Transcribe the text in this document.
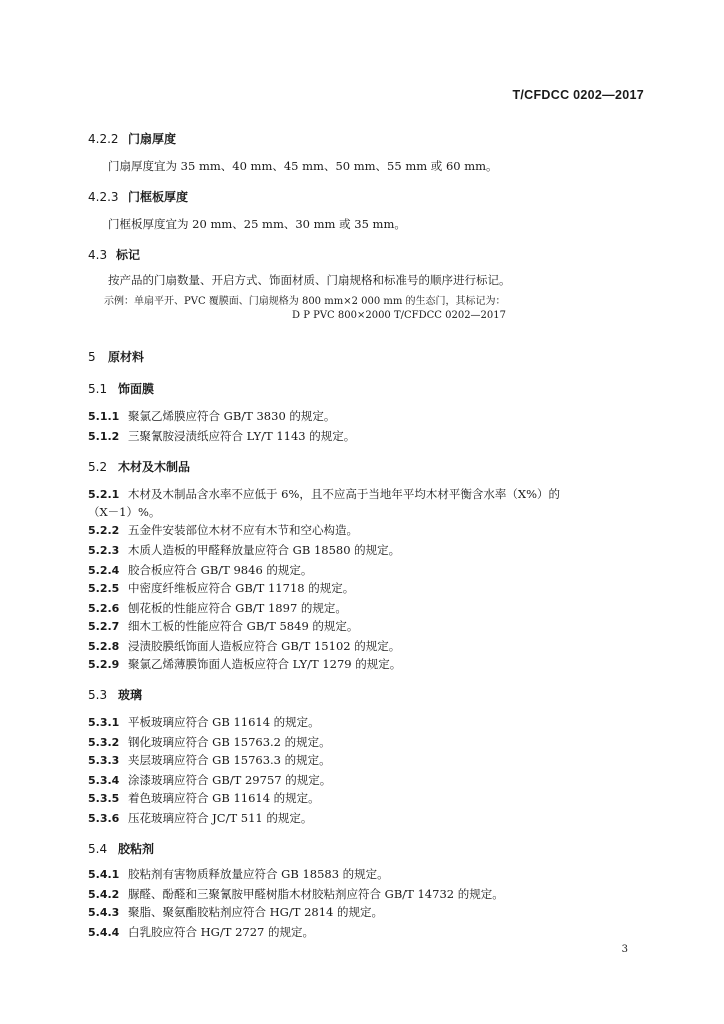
T/CFDCC 0202—2017
4.2.2 门扇厚度
门扇厚度宜为 35 mm、40 mm、45 mm、50 mm、55 mm 或 60 mm。
4.2.3 门框板厚度
门框板厚度宜为 20 mm、25 mm、30 mm 或 35 mm。
4.3 标记
按产品的门扇数量、开启方式、饰面材质、门扇规格和标准号的顺序进行标记。
示例：单扇平开、PVC 覆膜面、门扇规格为 800 mm×2 000 mm 的生态门，其标记为：
D P PVC 800×2000 T/CFDCC 0202—2017
5 原材料
5.1 饰面膜
5.1.1 聚氯乙烯膜应符合 GB/T 3830 的规定。
5.1.2 三聚氰胺浸渍纸应符合 LY/T 1143 的规定。
5.2 木材及木制品
5.2.1 木材及木制品含水率不应低于 6%，且不应高于当地年平均木材平衡含水率（X%）的
（X－1）%。
5.2.2 五金件安装部位木材不应有木节和空心构造。
5.2.3 木质人造板的甲醛释放量应符合 GB 18580 的规定。
5.2.4 胶合板应符合 GB/T 9846 的规定。
5.2.5 中密度纤维板应符合 GB/T 11718 的规定。
5.2.6 刨花板的性能应符合 GB/T 1897 的规定。
5.2.7 细木工板的性能应符合 GB/T 5849 的规定。
5.2.8 浸渍胶膜纸饰面人造板应符合 GB/T 15102 的规定。
5.2.9 聚氯乙烯薄膜饰面人造板应符合 LY/T 1279 的规定。
5.3 玻璃
5.3.1 平板玻璃应符合 GB 11614 的规定。
5.3.2 钢化玻璃应符合 GB 15763.2 的规定。
5.3.3 夹层玻璃应符合 GB 15763.3 的规定。
5.3.4 涂漆玻璃应符合 GB/T 29757 的规定。
5.3.5 着色玻璃应符合 GB 11614 的规定。
5.3.6 压花玻璃应符合 JC/T 511 的规定。
5.4 胶粘剂
5.4.1 胶粘剂有害物质释放量应符合 GB 18583 的规定。
5.4.2 脲醛、酚醛和三聚氰胺甲醛树脂木材胶粘剂应符合 GB/T 14732 的规定。
5.4.3 聚脂、聚氨酯胶粘剂应符合 HG/T 2814 的规定。
5.4.4 白乳胶应符合 HG/T 2727 的规定。
3
